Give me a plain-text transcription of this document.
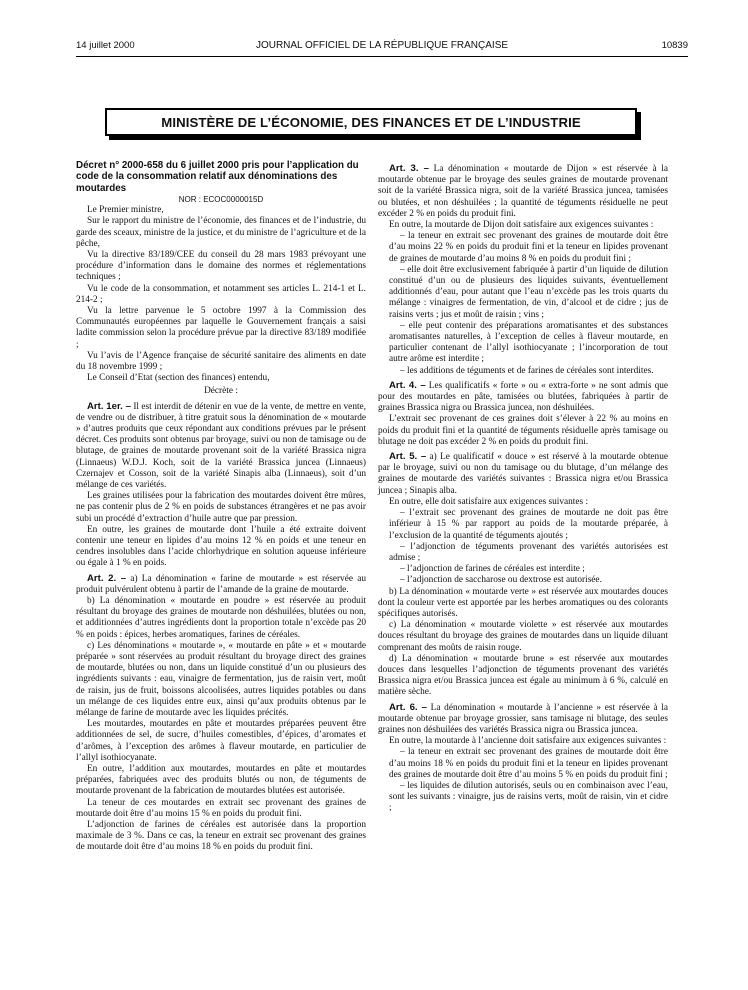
14 juillet 2000	JOURNAL OFFICIEL DE LA RÉPUBLIQUE FRANÇAISE	10839
MINISTÈRE DE L’ÉCONOMIE, DES FINANCES ET DE L’INDUSTRIE

Décret n° 2000-658 du 6 juillet 2000 pris pour l’application du code de la consommation relatif aux dénominations des moutardes

NOR : ECOC0000015D

Le Premier ministre,

Sur le rapport du ministre de l’économie, des finances et de l’industrie, du garde des sceaux, ministre de la justice, et du ministre de l’agriculture et de la pêche,

Vu la directive 83/189/CEE du conseil du 28 mars 1983 prévoyant une procédure d’information dans le domaine des normes et réglementations techniques ;

Vu le code de la consommation, et notamment ses articles L. 214-1 et L. 214-2 ;

Vu la lettre parvenue le 5 octobre 1997 à la Commission des Communautés européennes par laquelle le Gouvernement français a saisi ladite commission selon la procédure prévue par la directive 83/189 modifiée ;

Vu l’avis de l’Agence française de sécurité sanitaire des aliments en date du 18 novembre 1999 ;

Le Conseil d’Etat (section des finances) entendu,

Décrète :

Art. 1er. – Il est interdit de détenir en vue de la vente, de mettre en vente, de vendre ou de distribuer, à titre gratuit sous la dénomination de « moutarde » d’autres produits que ceux répondant aux conditions prévues par le présent décret. Ces produits sont obtenus par broyage, suivi ou non de tamisage ou de blutage, de graines de moutarde provenant soit de la variété Brassica nigra (Linnaeus) W.D.J. Koch, soit de la variété Brassica juncea (Linnaeus) Czernajev et Cosson, soit de la variété Sinapis alba (Linnaeus), soit d’un mélange de ces variétés.

Les graines utilisées pour la fabrication des moutardes doivent être mûres, ne pas contenir plus de 2 % en poids de substances étrangères et ne pas avoir subi un procédé d’extraction d’huile autre que par pression.

En outre, les graines de moutarde dont l’huile a été extraite doivent contenir une teneur en lipides d’au moins 12 % en poids et une teneur en cendres insolubles dans l’acide chlorhydrique en solution aqueuse inférieure ou égale à 1 % en poids.

Art. 2. – a) La dénomination « farine de moutarde » est réservée au produit pulvérulent obtenu à partir de l’amande de la graine de moutarde.

b) La dénomination « moutarde en poudre » est réservée au produit résultant du broyage des graines de moutarde non déshuilées, blutées ou non, et additionnées d’autres ingrédients dont la proportion totale n’excède pas 20 % en poids : épices, herbes aromatiques, farines de céréales.

c) Les dénominations « moutarde », « moutarde en pâte » et « moutarde préparée » sont réservées au produit résultant du broyage direct des graines de moutarde, blutées ou non, dans un liquide constitué d’un ou plusieurs des ingrédients suivants : eau, vinaigre de fermentation, jus de raisin vert, moût de raisin, jus de fruit, boissons alcoolisées, autres liquides potables ou dans un mélange de ces liquides entre eux, ainsi qu’aux produits obtenus par le mélange de farine de moutarde avec les liquides précités.

Les moutardes, moutardes en pâte et moutardes préparées peuvent être additionnées de sel, de sucre, d’huiles comestibles, d’épices, d’aromates et d’arômes, à l’exception des arômes à flaveur moutarde, en particulier de l’allyl isothiocyanate.

En outre, l’addition aux moutardes, moutardes en pâte et moutardes préparées, fabriquées avec des produits blutés ou non, de téguments de moutarde provenant de la fabrication de moutardes blutées est autorisée.

La teneur de ces moutardes en extrait sec provenant des graines de moutarde doit être d’au moins 15 % en poids du produit fini.

L’adjonction de farines de céréales est autorisée dans la proportion maximale de 3 %. Dans ce cas, la teneur en extrait sec provenant des graines de moutarde doit être d’au moins 18 % en poids du produit fini.

Art. 3. – La dénomination « moutarde de Dijon » est réservée à la moutarde obtenue par le broyage des seules graines de moutarde provenant soit de la variété Brassica nigra, soit de la variété Brassica juncea, tamisées ou blutées, et non déshuilées ; la quantité de téguments résiduelle ne peut excéder 2 % en poids du produit fini.

En outre, la moutarde de Dijon doit satisfaire aux exigences suivantes :

– la teneur en extrait sec provenant des graines de moutarde doit être d’au moins 22 % en poids du produit fini et la teneur en lipides provenant de graines de moutarde d’au moins 8 % en poids du produit fini ;

– elle doit être exclusivement fabriquée à partir d’un liquide de dilution constitué d’un ou de plusieurs des liquides suivants, éventuellement additionnés d’eau, pour autant que l’eau n’excède pas les trois quarts du mélange : vinaigres de fermentation, de vin, d’alcool et de cidre ; jus de raisins verts ; jus et moût de raisin ; vins ;

– elle peut contenir des préparations aromatisantes et des substances aromatisantes naturelles, à l’exception de celles à flaveur moutarde, en particulier contenant de l’allyl isothiocyanate ; l’incorporation de tout autre arôme est interdite ;

– les additions de téguments et de farines de céréales sont interdites.

Art. 4. – Les qualificatifs « forte » ou « extra-forte » ne sont admis que pour des moutardes en pâte, tamisées ou blutées, fabriquées à partir de graines Brassica nigra ou Brassica juncea, non déshuilées.

L’extrait sec provenant de ces graines doit s’élever à 22 % au moins en poids du produit fini et la quantité de téguments résiduelle après tamisage ou blutage ne doit pas excéder 2 % en poids du produit fini.

Art. 5. – a) Le qualificatif « douce » est réservé à la moutarde obtenue par le broyage, suivi ou non du tamisage ou du blutage, d’un mélange des graines de moutarde des variétés suivantes : Brassica nigra et/ou Brassica juncea ; Sinapis alba.

En outre, elle doit satisfaire aux exigences suivantes :

– l’extrait sec provenant des graines de moutarde ne doit pas être inférieur à 15 % par rapport au poids de la moutarde préparée, à l’exclusion de la quantité de téguments ajoutés ;

– l’adjonction de téguments provenant des variétés autorisées est admise ;

– l’adjonction de farines de céréales est interdite ;

– l’adjonction de saccharose ou dextrose est autorisée.

b) La dénomination « moutarde verte » est réservée aux moutardes douces dont la couleur verte est apportée par les herbes aromatiques ou des colorants spécifiques autorisés.

c) La dénomination « moutarde violette » est réservée aux moutardes douces résultant du broyage des graines de moutardes dans un liquide diluant comprenant des moûts de raisin rouge.

d) La dénomination « moutarde brune » est réservée aux moutardes douces dans lesquelles l’adjonction de téguments provenant des variétés Brassica nigra et/ou Brassica juncea est égale au minimum à 6 %, calculé en matière sèche.

Art. 6. – La dénomination « moutarde à l’ancienne » est réservée à la moutarde obtenue par broyage grossier, sans tamisage ni blutage, des seules graines non déshuilées des variétés Brassica nigra ou Brassica juncea.

En outre, la moutarde à l’ancienne doit satisfaire aux exigences suivantes :

– la teneur en extrait sec provenant des graines de moutarde doit être d’au moins 18 % en poids du produit fini et la teneur en lipides provenant des graines de moutarde doit être d’au moins 5 % en poids du produit fini ;

– les liquides de dilution autorisés, seuls ou en combinaison avec l’eau, sont les suivants : vinaigre, jus de raisins verts, moût de raisin, vin et cidre ;
